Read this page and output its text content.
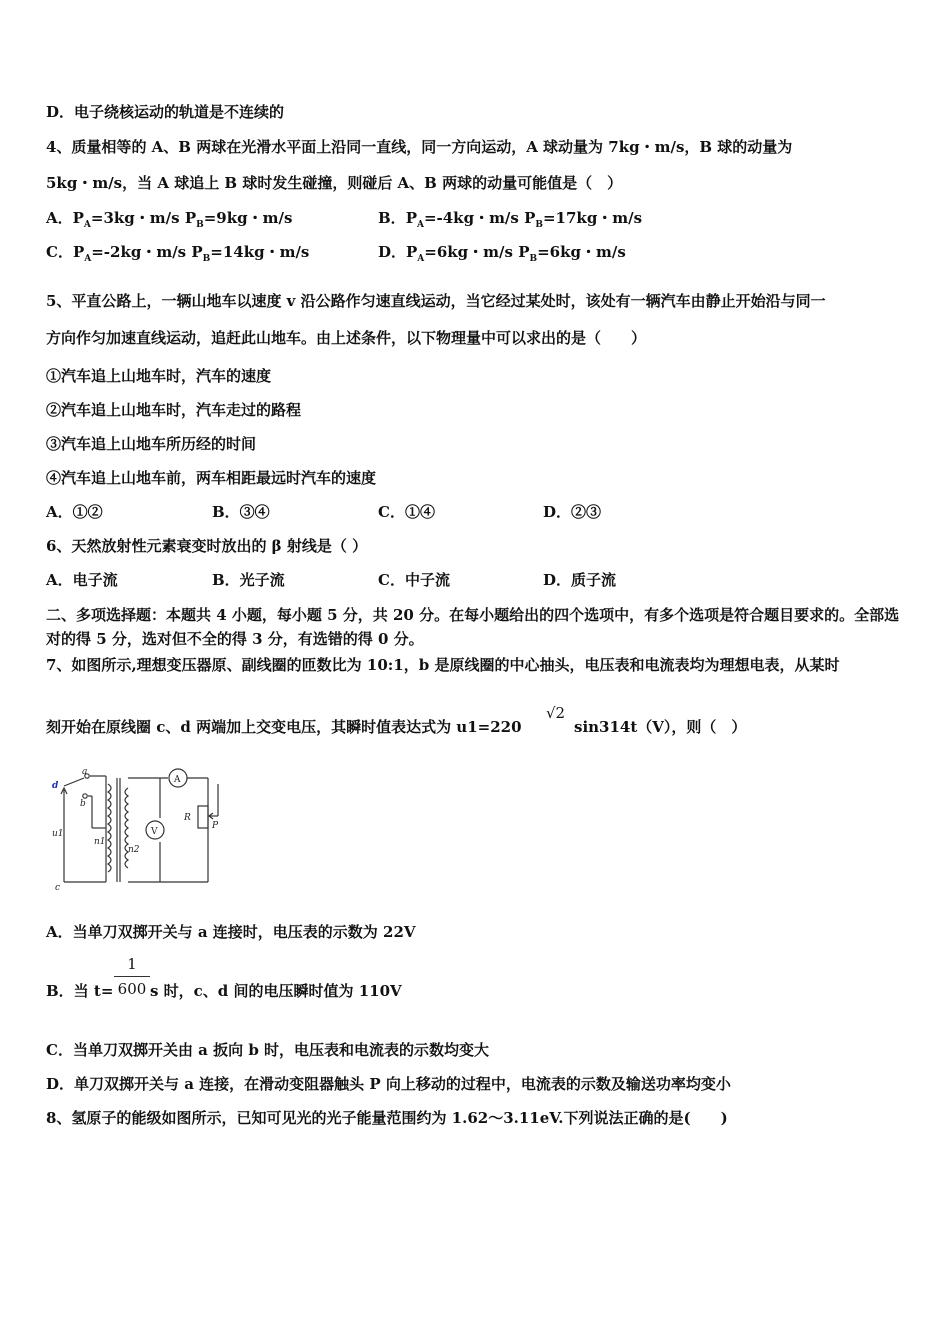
D．电子绕核运动的轨道是不连续的
4、质量相等的 A、B 两球在光滑水平面上沿同一直线，同一方向运动，A 球动量为 7kg・m/s，B 球的动量为
5kg・m/s，当 A 球追上 B 球时发生碰撞，则碰后 A、B 两球的动量可能值是（　）
A．$P_A=3kg$・m/s $P_B=9kg$・m/s	B．$P_A=-4kg$・m/s $P_B=17kg$・m/s
C．$P_A=-2kg$・m/s $P_B=14kg$・m/s	D．$P_A=6kg$・m/s $P_B=6kg$・m/s
5、平直公路上，一辆山地车以速度 v 沿公路作匀速直线运动，当它经过某处时，该处有一辆汽车由静止开始沿与同一
方向作匀加速直线运动，追赶此山地车。由上述条件，以下物理量中可以求出的是（　　）
①汽车追上山地车时，汽车的速度
②汽车追上山地车时，汽车走过的路程
③汽车追上山地车所历经的时间
④汽车追上山地车前，两车相距最远时汽车的速度
A．①②	B．③④	C．①④	D．②③
6、天然放射性元素衰变时放出的 β 射线是（ ）
A．电子流	B．光子流	C．中子流	D．质子流
二、多项选择题：本题共 4 小题，每小题 5 分，共 20 分。在每小题给出的四个选项中，有多个选项是符合题目要求的。全部选对的得 5 分，选对但不全的得 3 分，有选错的得 0 分。
7、如图所示,理想变压器原、副线圈的匝数比为 10:1，b 是原线圈的中心抽头，电压表和电流表均为理想电表，从某时
刻开始在原线圈 c、d 两端加上交变电压，其瞬时值表达式为 u1=220
√2
sin314t（V），则（　）
d
c
u1
a
b
n1
n2
A
V
R
P
A．当单刀双掷开关与 a 连接时，电压表的示数为 22V
B．当 $t= \frac{1}{600}$ s 时，c、d 间的电压瞬时值为 110V
C．当单刀双掷开关由 a 扳向 b 时，电压表和电流表的示数均变大
D．单刀双掷开关与 a 连接，在滑动变阻器触头 P 向上移动的过程中，电流表的示数及输送功率均变小
8、氢原子的能级如图所示，已知可见光的光子能量范围约为 1.62～3.11eV.下列说法正确的是(　　)
